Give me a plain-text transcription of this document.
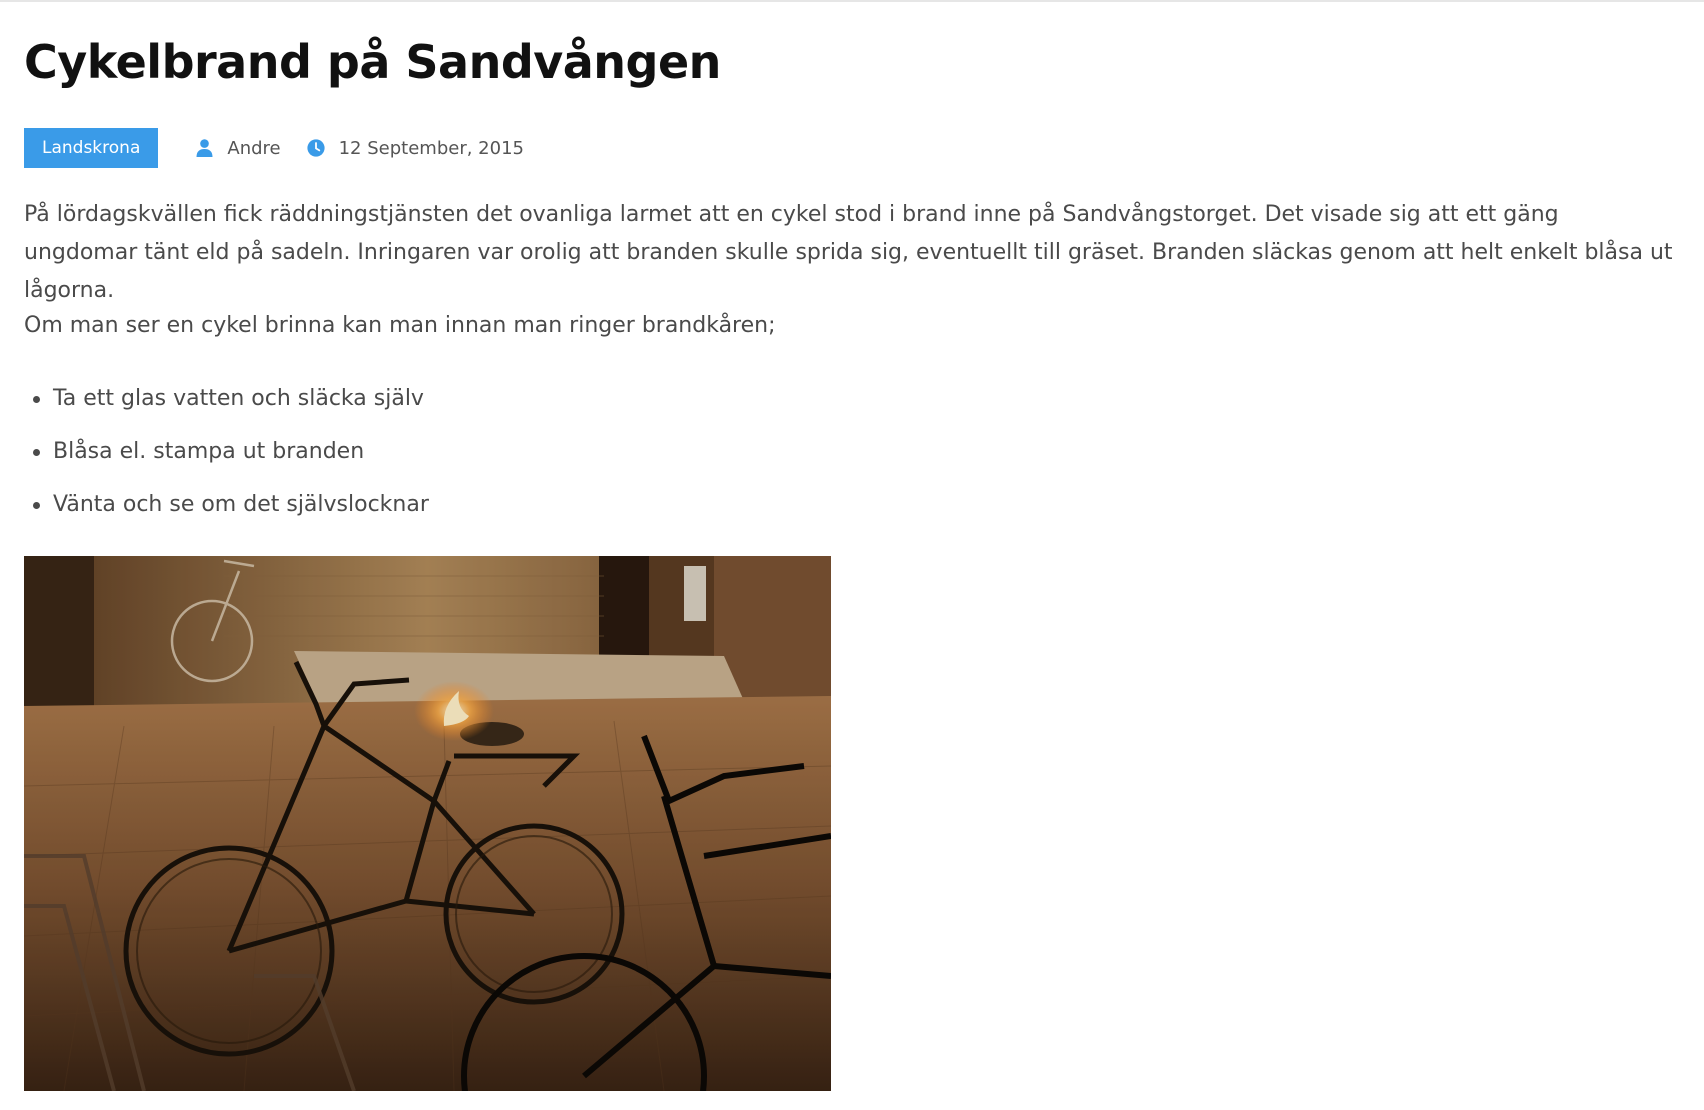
Cykelbrand på Sandvången
Landskrona	Andre	12 September, 2015

På lördagskvällen fick räddningstjänsten det ovanliga larmet att en cykel stod i brand inne på Sandvångstorget. Det visade sig att ett gäng ungdomar tänt eld på sadeln. Inringaren var orolig att branden skulle sprida sig, eventuellt till gräset. Branden släckas genom att helt enkelt blåsa ut lågorna.

Om man ser en cykel brinna kan man innan man ringer brandkåren;

Ta ett glas vatten och släcka själv
Blåsa el. stampa ut branden
Vänta och se om det självslocknar
